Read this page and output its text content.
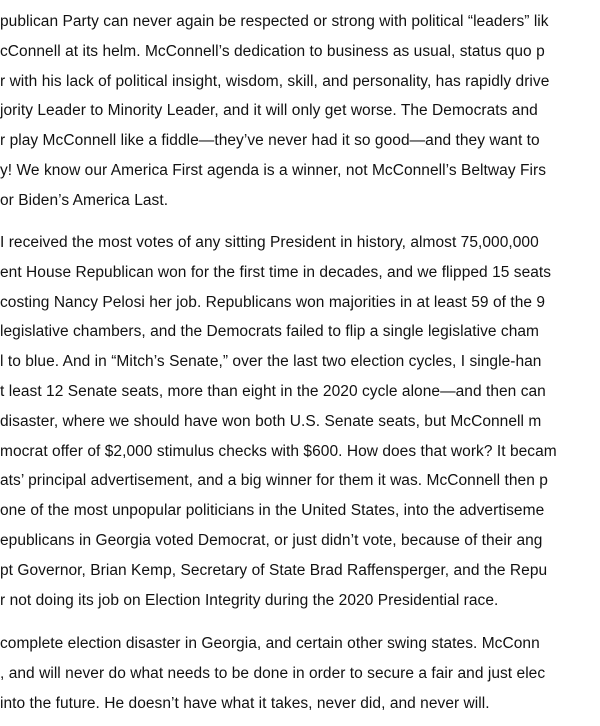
publican Party can never again be respected or strong with political “leaders” lik
cConnell at its helm. McConnell’s dedication to business as usual, status quo p
r with his lack of political insight, wisdom, skill, and personality, has rapidly drive
jority Leader to Minority Leader, and it will only get worse. The Democrats and
r play McConnell like a fiddle—they’ve never had it so good—and they want to
y! We know our America First agenda is a winner, not McConnell’s Beltway Firs
or Biden’s America Last.
I received the most votes of any sitting President in history, almost 75,000,000
ent House Republican won for the first time in decades, and we flipped 15 seats
costing Nancy Pelosi her job. Republicans won majorities in at least 59 of the 9
legislative chambers, and the Democrats failed to flip a single legislative cham
l to blue. And in “Mitch’s Senate,” over the last two election cycles, I single-han
t least 12 Senate seats, more than eight in the 2020 cycle alone—and then can
disaster, where we should have won both U.S. Senate seats, but McConnell m
mocrat offer of $2,000 stimulus checks with $600. How does that work? It becam
ats’ principal advertisement, and a big winner for them it was. McConnell then p
one of the most unpopular politicians in the United States, into the advertiseme
epublicans in Georgia voted Democrat, or just didn’t vote, because of their ang
pt Governor, Brian Kemp, Secretary of State Brad Raffensperger, and the Repu
r not doing its job on Election Integrity during the 2020 Presidential race.
complete election disaster in Georgia, and certain other swing states. McConn
, and will never do what needs to be done in order to secure a fair and just elec
into the future. He doesn’t have what it takes, never did, and never will.
